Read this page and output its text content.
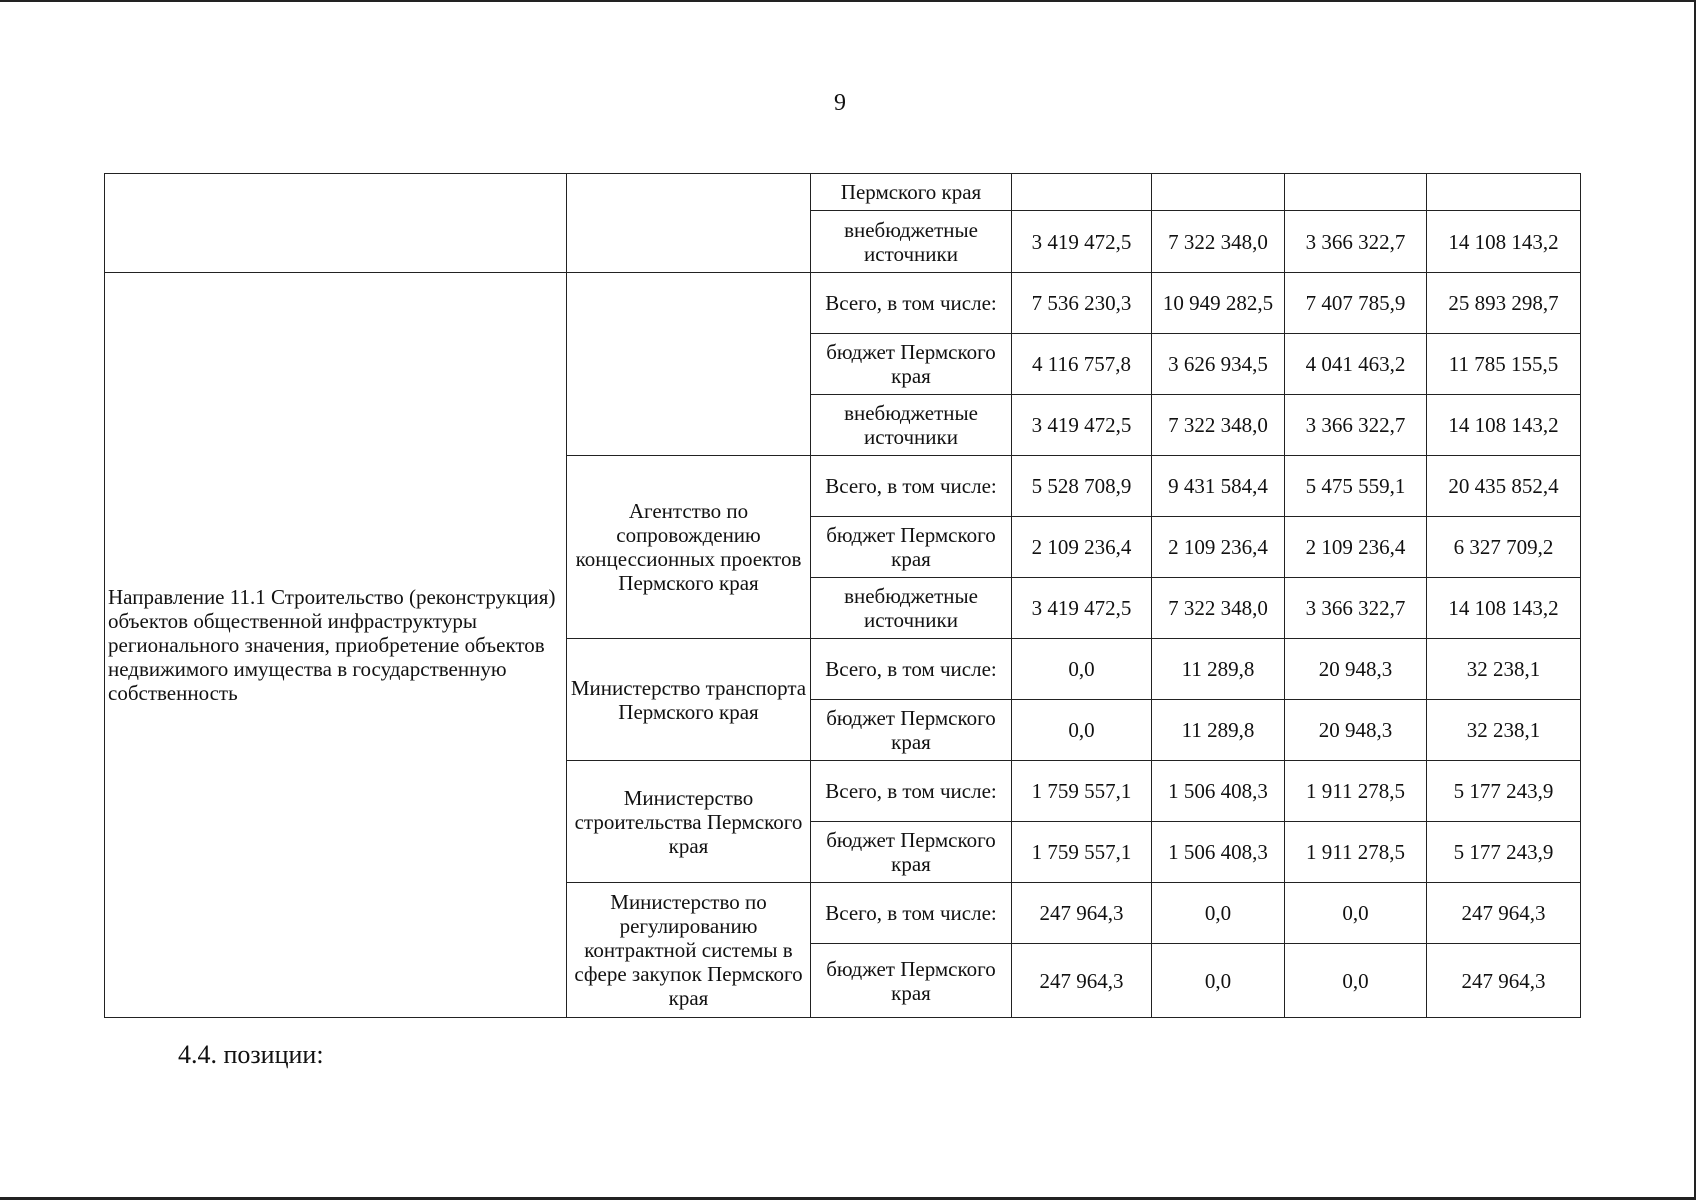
9
		Пермского края				
		внебюджетные источники	3 419 472,5	7 322 348,0	3 366 322,7	14 108 143,2
Направление 11.1 Строительство (реконструкция) объектов общественной инфраструктуры регионального значения, приобретение объектов недвижимого имущества в государственную собственность		Всего, в том числе:	7 536 230,3	10 949 282,5	7 407 785,9	25 893 298,7
		бюджет Пермского края	4 116 757,8	3 626 934,5	4 041 463,2	11 785 155,5
		внебюджетные источники	3 419 472,5	7 322 348,0	3 366 322,7	14 108 143,2
	Агентство по сопровождению концессионных проектов Пермского края	Всего, в том числе:	5 528 708,9	9 431 584,4	5 475 559,1	20 435 852,4
		бюджет Пермского края	2 109 236,4	2 109 236,4	2 109 236,4	6 327 709,2
		внебюджетные источники	3 419 472,5	7 322 348,0	3 366 322,7	14 108 143,2
	Министерство транспорта Пермского края	Всего, в том числе:	0,0	11 289,8	20 948,3	32 238,1
		бюджет Пермского края	0,0	11 289,8	20 948,3	32 238,1
	Министерство строительства Пермского края	Всего, в том числе:	1 759 557,1	1 506 408,3	1 911 278,5	5 177 243,9
		бюджет Пермского края	1 759 557,1	1 506 408,3	1 911 278,5	5 177 243,9
	Министерство по регулированию контрактной системы в сфере закупок Пермского края	Всего, в том числе:	247 964,3	0,0	0,0	247 964,3
		бюджет Пермского края	247 964,3	0,0	0,0	247 964,3
4.4. позиции:
